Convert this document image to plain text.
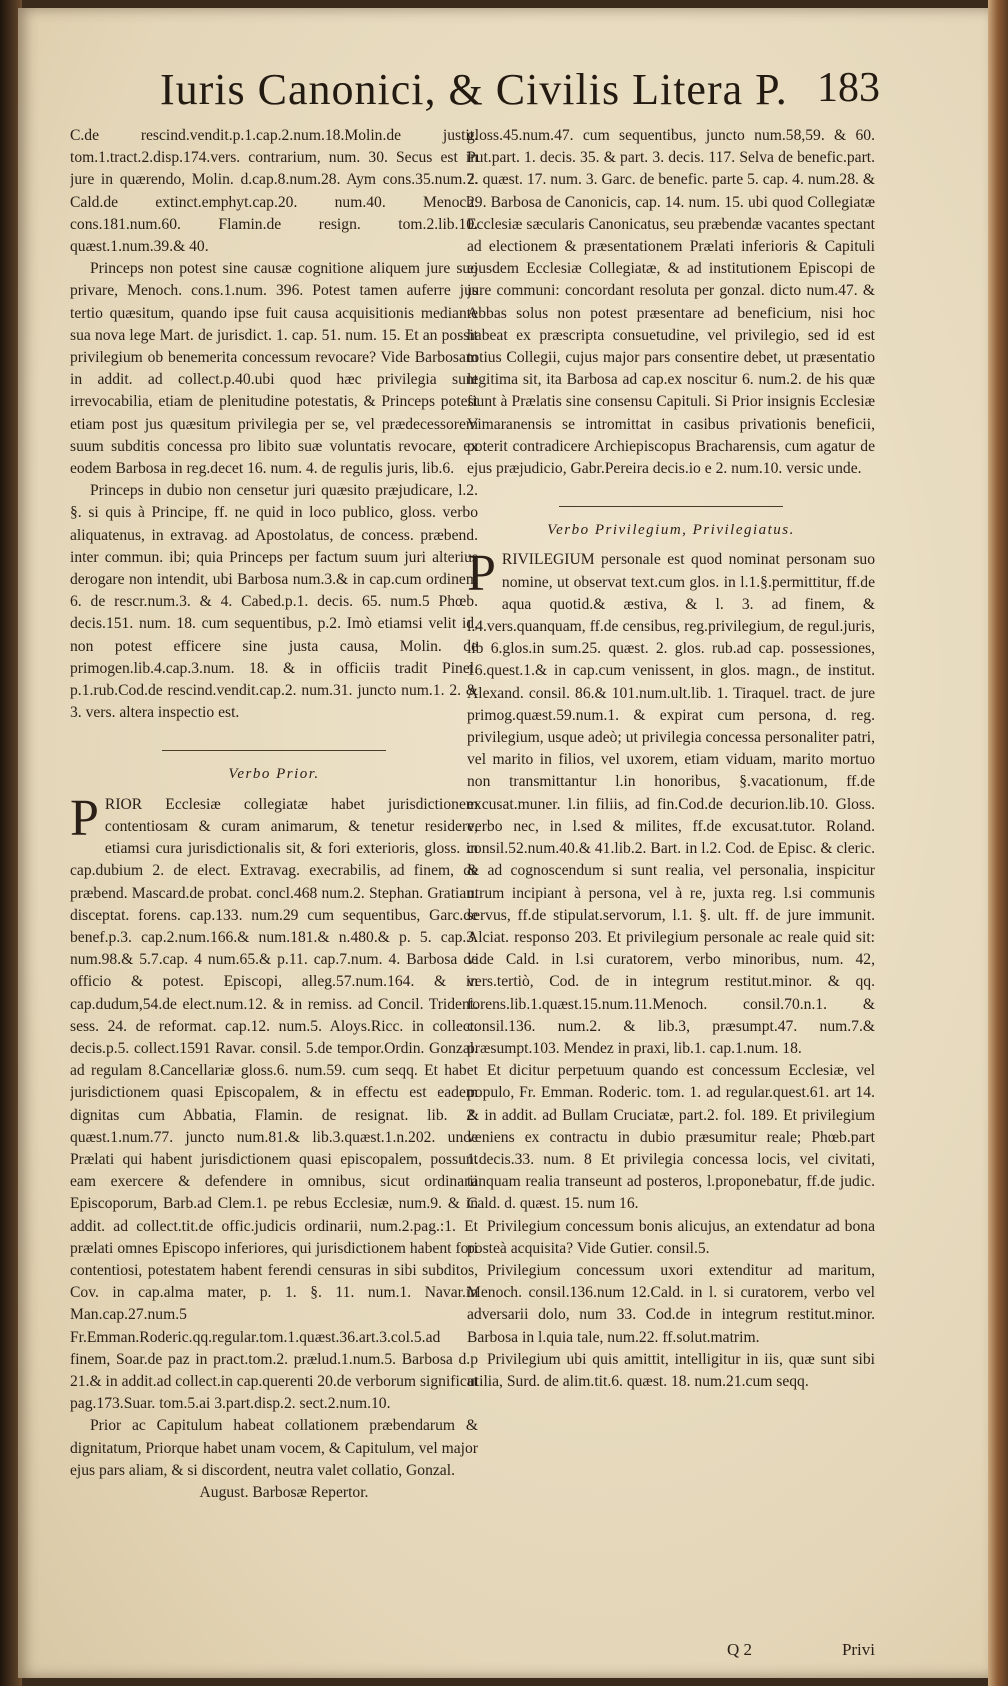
Iuris Canonici, & Civilis Litera P. 183

C.de rescind.vendit.p.1.cap.2.num.18.Molin.de justit. tom.1.tract.2.disp.174.vers. contrarium, num. 30. Secus est in jure in quærendo, Molin. d.cap.8.num.28. Aym cons.35.num.7. Cald.de extinct.emphyt.cap.20. num.40. Menoch. cons.181.num.60. Flamin.de resign. tom.2.lib.10. quæst.1.num.39.& 40.

Princeps non potest sine causæ cognitione aliquem jure suo privare, Menoch. cons.1.num. 396. Potest tamen auferre jus tertio quæsitum, quando ipse fuit causa acquisitionis mediante sua nova lege Mart. de jurisdict. 1. cap. 51. num. 15. Et an possit privilegium ob benemerita concessum revocare? Vide Barbosam in addit. ad collect.p.40.ubi quod hæc privilegia sunt irrevocabilia, etiam de plenitudine potestatis, & Princeps potest etiam post jus quæsitum privilegia per se, vel prædecessorem suum subditis concessa pro libito suæ voluntatis revocare, ex eodem Barbosa in reg.decet 16. num. 4. de regulis juris, lib.6.

Princeps in dubio non censetur juri quæsito præjudicare, l.2. §. si quis à Principe, ff. ne quid in loco publico, gloss. verbo aliquatenus, in extravag. ad Apostolatus, de concess. præbend. inter commun. ibi; quia Princeps per factum suum juri alterius derogare non intendit, ubi Barbosa num.3.& in cap.cum ordinem 6. de rescr.num.3. & 4. Cabed.p.1. decis. 65. num.5 Phœb. decis.151. num. 18. cum sequentibus, p.2. Imò etiamsi velit id, non potest efficere sine justa causa, Molin. de primogen.lib.4.cap.3.num. 18. & in officiis tradit Pinel. p.1.rub.Cod.de rescind.vendit.cap.2. num.31. juncto num.1. 2. & 3. vers. altera inspectio est.

Verbo Prior.

PRIOR Ecclesiæ collegiatæ habet jurisdictionem contentiosam & curam animarum, & tenetur residere, etiamsi cura jurisdictionalis sit, & fori exterioris, gloss. in cap.dubium 2. de elect. Extravag. execrabilis, ad finem, de præbend. Mascard.de probat. concl.468 num.2. Stephan. Gratian. disceptat. forens. cap.133. num.29 cum sequentibus, Garc.de benef.p.3. cap.2.num.166.& num.181.& n.480.& p. 5. cap.3. num.98.& 5.7.cap. 4 num.65.& p.11. cap.7.num. 4. Barbosa de officio & potest. Episcopi, alleg.57.num.164. & in cap.dudum,54.de elect.num.12. & in remiss. ad Concil. Trident. sess. 24. de reformat. cap.12. num.5. Aloys.Ricc. in collect. decis.p.5. collect.1591 Ravar. consil. 5.de tempor.Ordin. Gonzal. ad regulam 8.Cancellariæ gloss.6. num.59. cum seqq. Et habet jurisdictionem quasi Episcopalem, & in effectu est eadem dignitas cum Abbatia, Flamin. de resignat. lib. 2. quæst.1.num.77. juncto num.81.& lib.3.quæst.1.n.202. unde Prælati qui habent jurisdictionem quasi episcopalem, possunt eam exercere & defendere in omnibus, sicut ordinarii Episcoporum, Barb.ad Clem.1. pe rebus Ecclesiæ, num.9. & in addit. ad collect.tit.de offic.judicis ordinarii, num.2.pag.:1. Et prælati omnes Episcopo inferiores, qui jurisdictionem habent fori contentiosi, potestatem habent ferendi censuras in sibi subditos, Cov. in cap.alma mater, p. 1. §. 11. num.1. Navar.in Man.cap.27.num.5 Fr.Emman.Roderic.qq.regular.tom.1.quæst.36.art.3.col.5.ad finem, Soar.de paz in pract.tom.2. prælud.1.num.5. Barbosa d.p 21.& in addit.ad collect.in cap.querenti 20.de verborum significat pag.173.Suar. tom.5.ai 3.part.disp.2. sect.2.num.10.

Prior ac Capitulum habeat collationem præbendarum & dignitatum, Priorque habet unam vocem, & Capitulum, vel major ejus pars aliam, & si discordent, neutra valet collatio, Gonzal.

August. Barbosæ Repertor.

gloss.45.num.47. cum sequentibus, juncto num.58,59. & 60. Put.part. 1. decis. 35. & part. 3. decis. 117. Selva de benefic.part. 2. quæst. 17. num. 3. Garc. de benefic. parte 5. cap. 4. num.28. & 29. Barbosa de Canonicis, cap. 14. num. 15. ubi quod Collegiatæ Ecclesiæ sæcularis Canonicatus, seu præbendæ vacantes spectant ad electionem & præsentationem Prælati inferioris & Capituli ejusdem Ecclesiæ Collegiatæ, & ad institutionem Episcopi de jure communi: concordant resoluta per gonzal. dicto num.47. & Abbas solus non potest præsentare ad beneficium, nisi hoc habeat ex præscripta consuetudine, vel privilegio, sed id est totius Collegii, cujus major pars consentire debet, ut præsentatio legitima sit, ita Barbosa ad cap.ex noscitur 6. num.2. de his quæ fiunt à Prælatis sine consensu Capituli. Si Prior insignis Ecclesiæ Vimaranensis se intromittat in casibus privationis beneficii, poterit contradicere Archiepiscopus Bracharensis, cum agatur de ejus præjudicio, Gabr.Pereira decis.io e 2. num.10. versic unde.

Verbo Privilegium, Privilegiatus.

PRIVILEGIUM personale est quod nominat personam suo nomine, ut observat text.cum glos. in l.1.§.permittitur, ff.de aqua quotid.& æstiva, & l. 3. ad finem, & l.4.vers.quanquam, ff.de censibus, reg.privilegium, de regul.juris, lib 6.glos.in sum.25. quæst. 2. glos. rub.ad cap. possessiones, 16.quest.1.& in cap.cum venissent, in glos. magn., de institut. Alexand. consil. 86.& 101.num.ult.lib. 1. Tiraquel. tract. de jure primog.quæst.59.num.1. & expirat cum persona, d. reg. privilegium, usque adeò; ut privilegia concessa personaliter patri, vel marito in filios, vel uxorem, etiam viduam, marito mortuo non transmittantur l.in honoribus, §.vacationum, ff.de excusat.muner. l.in filiis, ad fin.Cod.de decurion.lib.10. Gloss. verbo nec, in l.sed & milites, ff.de excusat.tutor. Roland. consil.52.num.40.& 41.lib.2. Bart. in l.2. Cod. de Episc. & cleric. & ad cognoscendum si sunt realia, vel personalia, inspicitur utrum incipiant à persona, vel à re, juxta reg. l.si communis servus, ff.de stipulat.servorum, l.1. §. ult. ff. de jure immunit. Alciat. responso 203. Et privilegium personale ac reale quid sit: vide Cald. in l.si curatorem, verbo minoribus, num. 42, vers.tertiò, Cod. de in integrum restitut.minor. & qq. forens.lib.1.quæst.15.num.11.Menoch. consil.70.n.1. & consil.136. num.2. & lib.3, præsumpt.47. num.7.& præsumpt.103. Mendez in praxi, lib.1. cap.1.num. 18.

Et dicitur perpetuum quando est concessum Ecclesiæ, vel populo, Fr. Emman. Roderic. tom. 1. ad regular.quest.61. art 14. & in addit. ad Bullam Cruciatæ, part.2. fol. 189. Et privilegium veniens ex contractu in dubio præsumitur reale; Phœb.part 1.decis.33. num. 8 Et privilegia concessa locis, vel civitati, tanquam realia transeunt ad posteros, l.proponebatur, ff.de judic. Cald. d. quæst. 15. num 16.

Privilegium concessum bonis alicujus, an extendatur ad bona posteà acquisita? Vide Gutier. consil.5.

Privilegium concessum uxori extenditur ad maritum, Menoch. consil.136.num 12.Cald. in l. si curatorem, verbo vel adversarii dolo, num 33. Cod.de in integrum restitut.minor. Barbosa in l.quia tale, num.22. ff.solut.matrim.

Privilegium ubi quis amittit, intelligitur in iis, quæ sunt sibi utilia, Surd. de alim.tit.6. quæst. 18. num.21.cum seqq.

Q 2	Privi
